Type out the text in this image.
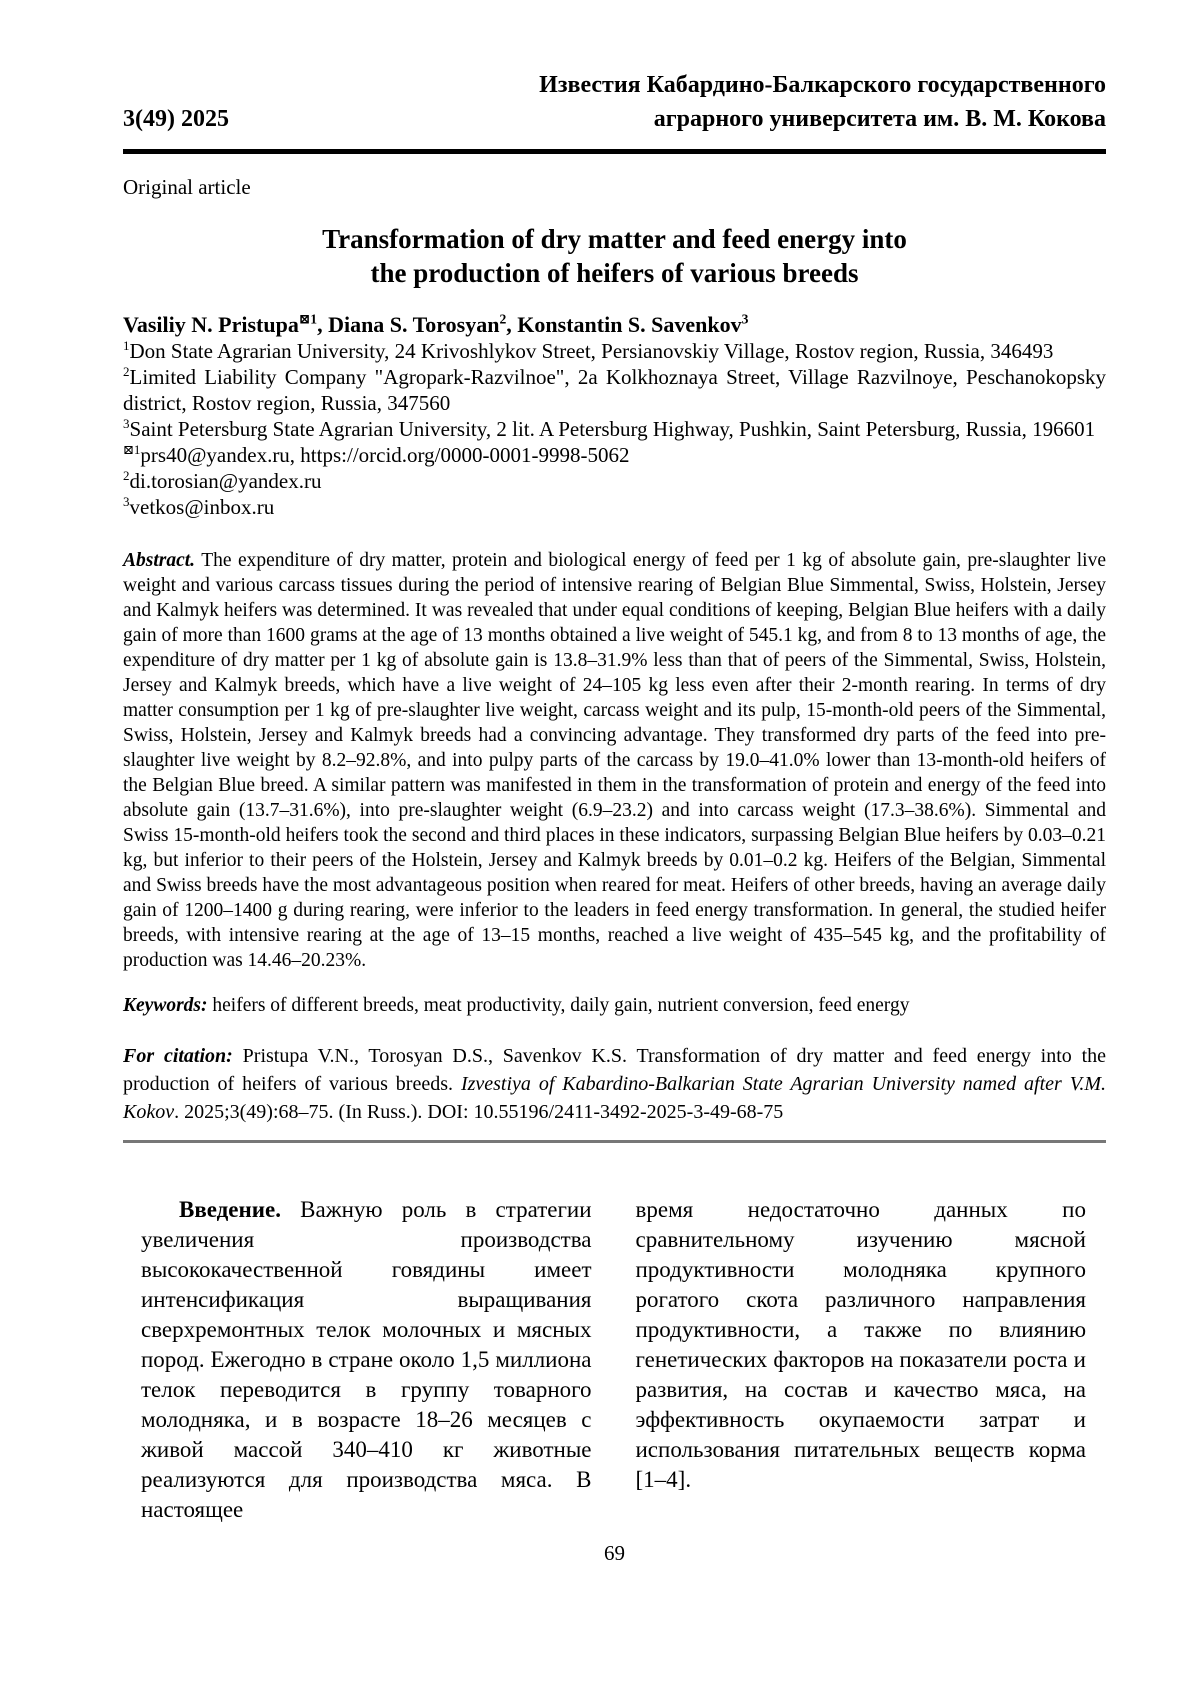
3(49) 2025
Известия Кабардино-Балкарского государственного
аграрного университета им. В. М. Кокова

Original article

Transformation of dry matter and feed energy into
the production of heifers of various breeds

Vasiliy N. Pristupa$^{⊠1}$, Diana S. Torosyan$^2$, Konstantin S. Savenkov$^3$

$^1$Don State Agrarian University, 24 Krivoshlykov Street, Persianovskiy Village, Rostov region, Russia, 346493

$^2$Limited Liability Company "Agropark-Razvilnoe", 2a Kolkhoznaya Street, Village Razvilnoye, Peschanokopsky district, Rostov region, Russia, 347560

$^3$Saint Petersburg State Agrarian University, 2 lit. A Petersburg Highway, Pushkin, Saint Petersburg, Russia, 196601

$^{⊠1}$prs40@yandex.ru, https://orcid.org/0000-0001-9998-5062

$^2$di.torosian@yandex.ru

$^3$vetkos@inbox.ru

Abstract. The expenditure of dry matter, protein and biological energy of feed per 1 kg of absolute gain, pre-slaughter live weight and various carcass tissues during the period of intensive rearing of Belgian Blue Simmental, Swiss, Holstein, Jersey and Kalmyk heifers was determined. It was revealed that under equal conditions of keeping, Belgian Blue heifers with a daily gain of more than 1600 grams at the age of 13 months obtained a live weight of 545.1 kg, and from 8 to 13 months of age, the expenditure of dry matter per 1 kg of absolute gain is 13.8–31.9% less than that of peers of the Simmental, Swiss, Holstein, Jersey and Kalmyk breeds, which have a live weight of 24–105 kg less even after their 2-month rearing. In terms of dry matter consumption per 1 kg of pre-slaughter live weight, carcass weight and its pulp, 15-month-old peers of the Simmental, Swiss, Holstein, Jersey and Kalmyk breeds had a convincing advantage. They transformed dry parts of the feed into pre-slaughter live weight by 8.2–92.8%, and into pulpy parts of the carcass by 19.0–41.0% lower than 13-month-old heifers of the Belgian Blue breed. A similar pattern was manifested in them in the transformation of protein and energy of the feed into absolute gain (13.7–31.6%), into pre-slaughter weight (6.9–23.2) and into carcass weight (17.3–38.6%). Simmental and Swiss 15-month-old heifers took the second and third places in these indicators, surpassing Belgian Blue heifers by 0.03–0.21 kg, but inferior to their peers of the Holstein, Jersey and Kalmyk breeds by 0.01–0.2 kg. Heifers of the Belgian, Simmental and Swiss breeds have the most advantageous position when reared for meat. Heifers of other breeds, having an average daily gain of 1200–1400 g during rearing, were inferior to the leaders in feed energy transformation. In general, the studied heifer breeds, with intensive rearing at the age of 13–15 months, reached a live weight of 435–545 kg, and the profitability of production was 14.46–20.23%.

Keywords: heifers of different breeds, meat productivity, daily gain, nutrient conversion, feed energy

For citation: Pristupa V.N., Torosyan D.S., Savenkov K.S. Transformation of dry matter and feed energy into the production of heifers of various breeds. Izvestiya of Kabardino-Balkarian State Agrarian University named after V.M. Kokov. 2025;3(49):68–75. (In Russ.). DOI: 10.55196/2411-3492-2025-3-49-68-75

Введение. Важную роль в стратегии увеличения производства высококачественной говядины имеет интенсификация выращивания сверхремонтных телок молочных и мясных пород. Ежегодно в стране около 1,5 миллиона телок переводится в группу товарного молодняка, и в возрасте 18–26 месяцев с живой массой 340–410 кг животные реализуются для производства мяса. В настоящее

время недостаточно данных по сравнительному изучению мясной продуктивности молодняка крупного рогатого скота различного направления продуктивности, а также по влиянию генетических факторов на показатели роста и развития, на состав и качество мяса, на эффективность окупаемости затрат и использования питательных веществ корма [1–4].

69
